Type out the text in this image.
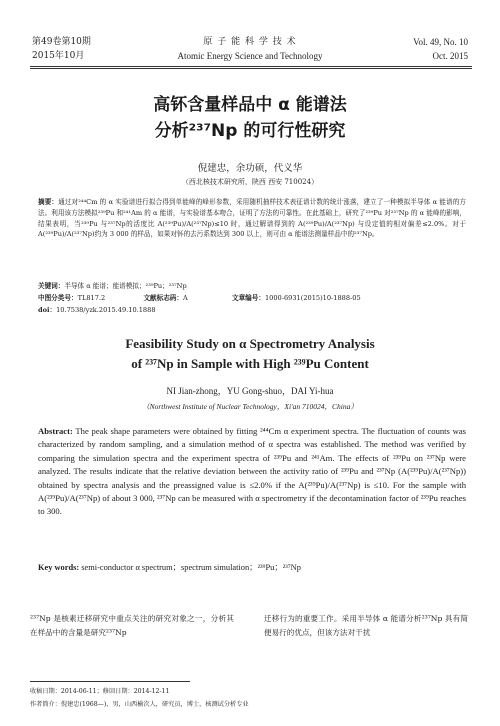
第49卷第10期
2015年10月
原 子 能 科 学 技 术
Atomic Energy Science and Technology
Vol. 49, No. 10
Oct. 2015
高钚含量样品中 α 能谱法
分析²³⁷Np 的可行性研究
倪建忠，余功硕，代义华
（西北核技术研究所，陕西 西安 710024）
摘要：通过对²⁴⁴Cm 的 α 实验谱进行拟合得到单能峰的峰形参数，采用随机抽样技术表征谱计数的统计涨落，建立了一种模拟半导体 α 能谱的方法。利用该方法模拟²³⁹Pu 和²⁴¹Am 的 α 能谱，与实验谱基本吻合，证明了方法的可靠性。在此基础上，研究了²³⁹Pu 对²³⁷Np 的 α 能峰的影响，结果表明，当²³⁹Pu 与²³⁷Np的活度比 A(²³⁹Pu)/A(²³⁷Np)≤10 时，通过解谱得到的 A(²³⁹Pu)/A(²³⁷Np) 与设定值的相对偏差≤2.0%。对于 A(²³⁹Pu)/A(²³⁷Np)约为 3 000 的样品，如果对钚的去污系数达到 300 以上，则可由 α 能谱法测量样品中的²³⁷Np。
关键词：半导体 α 能谱；能谱模拟；²³⁹Pu；²³⁷Np
中图分类号：TL817.2	文献标志码：A	文章编号：1000-6931(2015)10-1888-05
doi：10.7538/yzk.2015.49.10.1888
Feasibility Study on α Spectrometry Analysis
of ²³⁷Np in Sample with High ²³⁹Pu Content
NI Jian-zhong，YU Gong-shuo，DAI Yi-hua
（Northwest Institute of Nuclear Technology，Xi'an 710024，China）
Abstract: The peak shape parameters were obtained by fitting ²⁴⁴Cm α experiment spectra. The fluctuation of counts was characterized by random sampling, and a simulation method of α spectra was established. The method was verified by comparing the simulation spectra and the experiment spectra of ²³⁹Pu and ²⁴¹Am. The effects of ²³⁹Pu on ²³⁷Np were analyzed. The results indicate that the relative deviation between the activity ratio of ²³⁹Pu and ²³⁷Np (A(²³⁹Pu)/A(²³⁷Np)) obtained by spectra analysis and the preassigned value is ≤2.0% if the A(²³⁹Pu)/A(²³⁷Np) is ≤10. For the sample with A(²³⁹Pu)/A(²³⁷Np) of about 3 000, ²³⁷Np can be measured with α spectrometry if the decontamination factor of ²³⁹Pu reaches to 300.
Key words: semi-conductor α spectrum；spectrum simulation；²³⁹Pu；²³⁷Np
²³⁷Np 是核素迁移研究中重点关注的研究对象之一，分析其在样品中的含量是研究²³⁷Np
迁移行为的重要工作。采用半导体 α 能谱分析²³⁷Np 具有简便易行的优点，但该方法对干扰
收稿日期：2014-06-11；修回日期：2014-12-11
作者简介：倪建忠(1968—)，男，山西榆次人，研究员，博士，核测试分析专业
